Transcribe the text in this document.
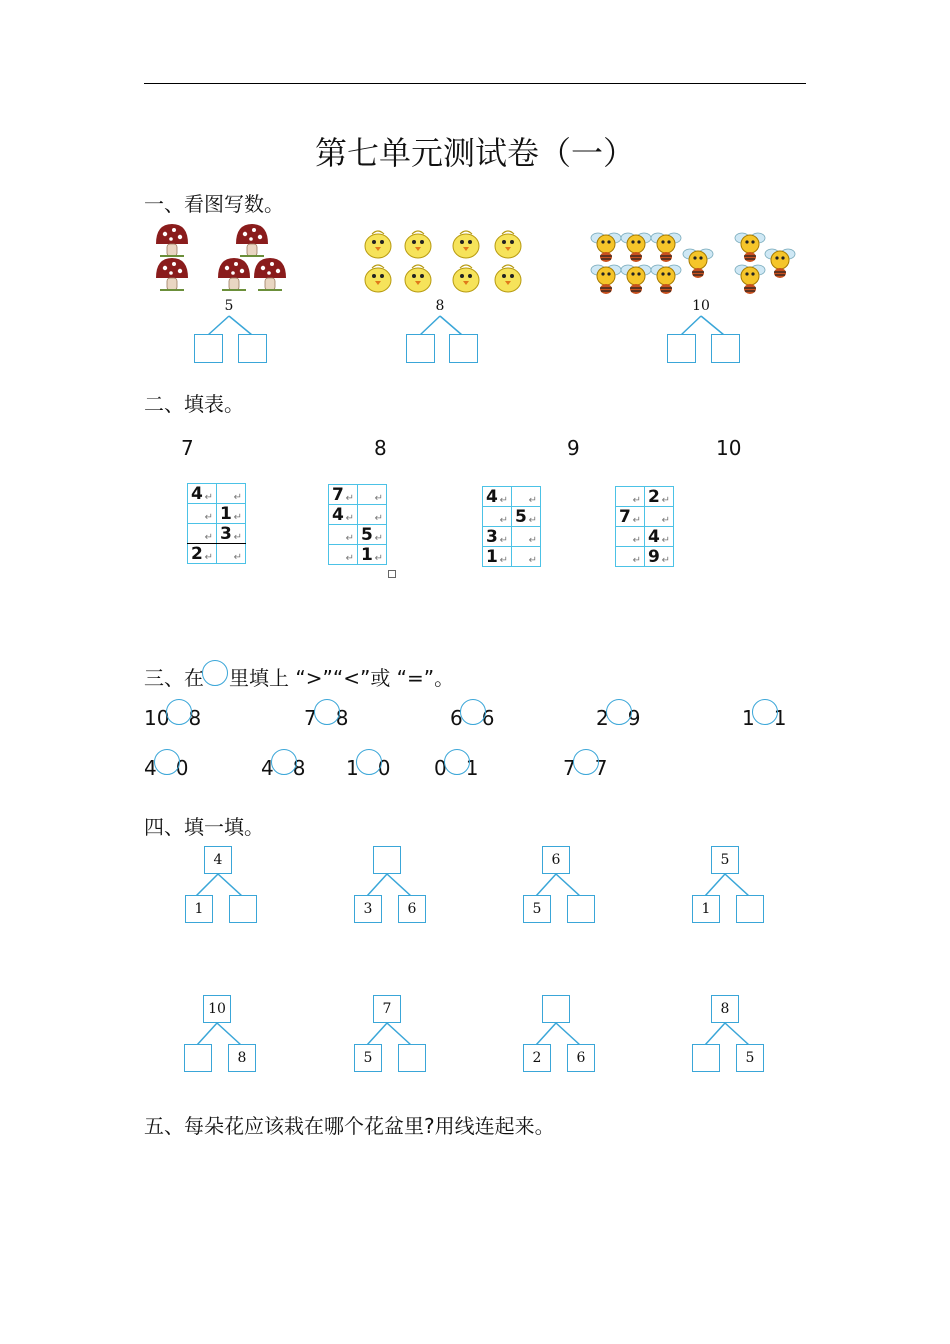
第七单元测试卷（一）
一、看图写数。
5	8	10
二、填表。
7	8	9	10
4 ↵	↵

↵	1 ↵

↵	3 ↵

2 ↵	↵
7 ↵	↵

4 ↵	↵

↵	5 ↵

↵	1 ↵
4 ↵	↵

↵	5 ↵

3 ↵	↵

1 ↵	↵
↵	2 ↵

7 ↵	↵

↵	4 ↵

↵	9 ↵
三、在 里填上 “>”“<”或 “=”。
10 8	7 8	6 6	2 9	1 1
4 0	4 8 1 0 0 1	7 7
四、填一填。
4
1	3	6
6
5
5
1
10
8
7
5	2	6
8
5
五、每朵花应该栽在哪个花盆里?用线连起来。
